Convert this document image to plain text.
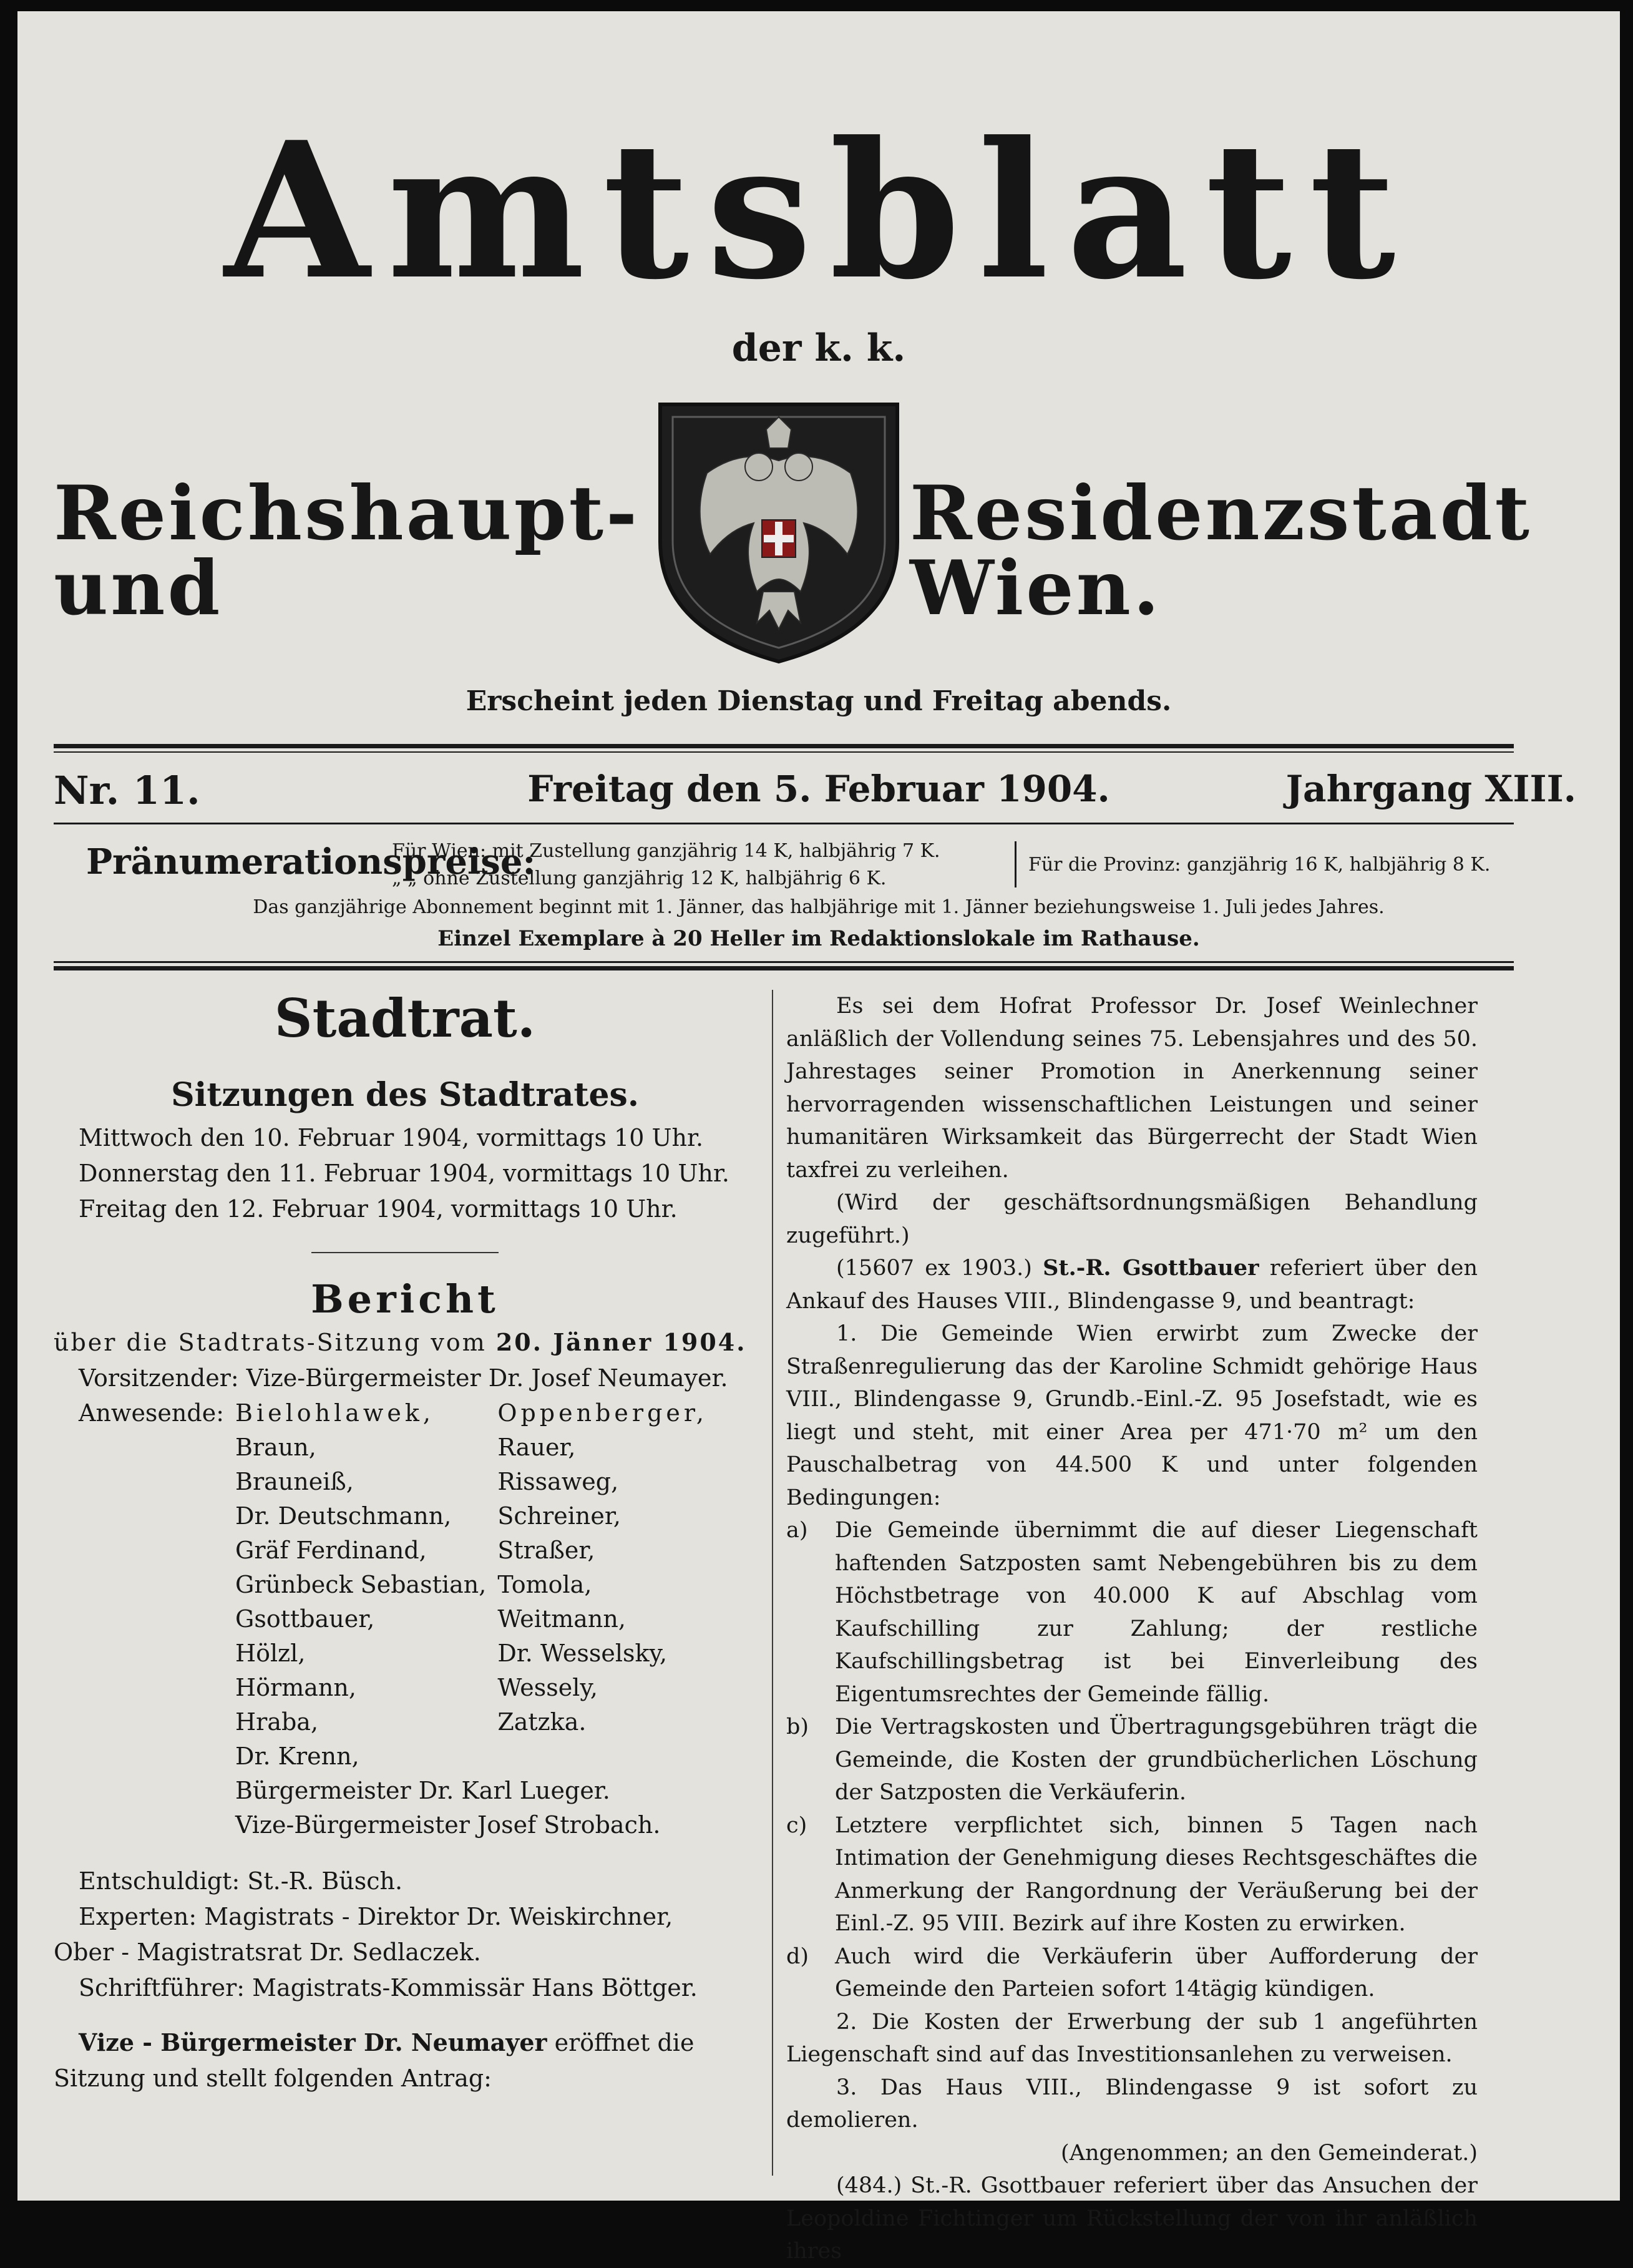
Amtsblatt
der k. k.
Reichshaupt- und
Residenzstadt Wien.
Erscheint jeden Dienstag und Freitag abends.
Nr. 11.	Freitag den 5. Februar 1904.	Jahrgang XIII.
Pränumerationspreise:
Für Wien: mit Zustellung ganzjährig 14 K, halbjährig 7 K.
„ „ ohne Zustellung ganzjährig 12 K, halbjährig 6 K.
Für die Provinz: ganzjährig 16 K, halbjährig 8 K.
Das ganzjährige Abonnement beginnt mit 1. Jänner, das halbjährige mit 1. Jänner beziehungsweise 1. Juli jedes Jahres.
Einzel Exemplare à 20 Heller im Redaktionslokale im Rathause.
Stadtrat.
Sitzungen des Stadtrates.
Mittwoch den 10. Februar 1904, vormittags 10 Uhr.
Donnerstag den 11. Februar 1904, vormittags 10 Uhr.
Freitag den 12. Februar 1904, vormittags 10 Uhr.
Bericht
über die Stadtrats-Sitzung vom 20. Jänner 1904.
Vorsitzender: Vize-Bürgermeister Dr. Josef Neumayer.
Anwesende:	Bielohlawek,	Oppenberger,
	Braun,	Rauer,
	Brauneiß,	Rissaweg,
	Dr. Deutschmann,	Schreiner,
	Gräf Ferdinand,	Straßer,
	Grünbeck Sebastian,	Tomola,
	Gsottbauer,	Weitmann,
	Hölzl,	Dr. Wesselsky,
	Hörmann,	Wessely,
	Hraba,	Zatzka.
	Dr. Krenn,	
	Bürgermeister Dr. Karl Lueger.	
	Vize-Bürgermeister Josef Strobach.	
Entschuldigt: St.-R. Büsch.
Experten: Magistrats - Direktor Dr. Weiskirchner,
Ober - Magistratsrat Dr. Sedlaczek.
Schriftführer: Magistrats-Kommissär Hans Böttger.
Vize - Bürgermeister Dr. Neumayer eröffnet die
Sitzung und stellt folgenden Antrag:
Es sei dem Hofrat Professor Dr. Josef Weinlechner anläßlich der Vollendung seines 75. Lebensjahres und des 50. Jahrestages seiner Promotion in Anerkennung seiner hervorragenden wissenschaftlichen Leistungen und seiner humanitären Wirksamkeit das Bürgerrecht der Stadt Wien taxfrei zu verleihen.
(Wird der geschäftsordnungsmäßigen Behandlung zugeführt.)
(15607 ex 1903.) St.-R. Gsottbauer referiert über den Ankauf des Hauses VIII., Blindengasse 9, und beantragt:
1. Die Gemeinde Wien erwirbt zum Zwecke der Straßenregulierung das der Karoline Schmidt gehörige Haus VIII., Blindengasse 9, Grundb.-Einl.-Z. 95 Josefstadt, wie es liegt und steht, mit einer Area per 471·70 m² um den Pauschalbetrag von 44.500 K und unter folgenden Bedingungen:
a)	Die Gemeinde übernimmt die auf dieser Liegenschaft haftenden Satzposten samt Nebengebühren bis zu dem Höchstbetrage von 40.000 K auf Abschlag vom Kaufschilling zur Zahlung; der restliche Kaufschillingsbetrag ist bei Einverleibung des Eigentumsrechtes der Gemeinde fällig.
b)	Die Vertragskosten und Übertragungsgebühren trägt die Gemeinde, die Kosten der grundbücherlichen Löschung der Satzposten die Verkäuferin.
c)	Letztere verpflichtet sich, binnen 5 Tagen nach Intimation der Genehmigung dieses Rechtsgeschäftes die Anmerkung der Rangordnung der Veräußerung bei der Einl.-Z. 95 VIII. Bezirk auf ihre Kosten zu erwirken.
d)	Auch wird die Verkäuferin über Aufforderung der Gemeinde den Parteien sofort 14tägig kündigen.
2. Die Kosten der Erwerbung der sub 1 angeführten Liegenschaft sind auf das Investitionsanlehen zu verweisen.
3. Das Haus VIII., Blindengasse 9 ist sofort zu demolieren.
(Angenommen; an den Gemeinderat.)
(484.) St.-R. Gsottbauer referiert über das Ansuchen der Leopoldine Fichtinger um Rückstellung der von ihr anläßlich ihres
